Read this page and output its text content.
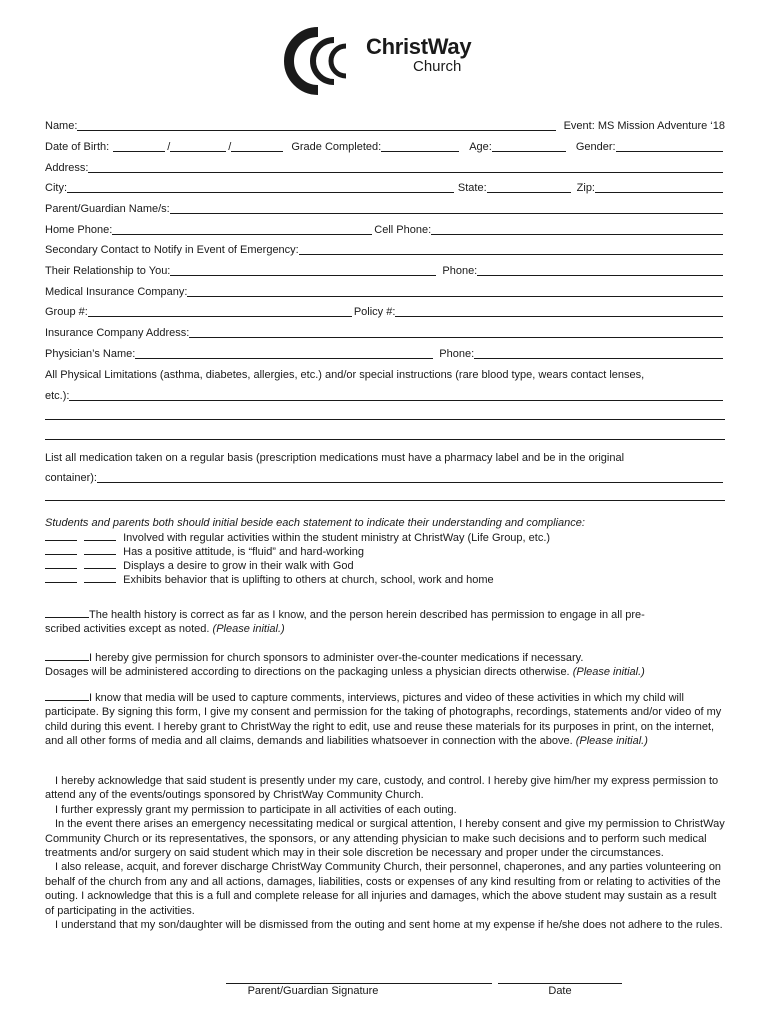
ChristWay
Church
Name:	Event: MS Mission Adventure ‘18
Date of Birth:	/	/	Grade Completed:	Age:	Gender:
Address:
City:	State:	Zip:
Parent/Guardian Name/s:
Home Phone:	Cell Phone:
Secondary Contact to Notify in Event of Emergency:
Their Relationship to You:	Phone:
Medical Insurance Company:
Group #:	Policy #:
Insurance Company Address:
Physician’s Name:	Phone:
All Physical Limitations (asthma, diabetes, allergies, etc.) and/or special instructions (rare blood type, wears contact lenses,
etc.):
List all medication taken on a regular basis (prescription medications must have a pharmacy label and be in the original
container):
Students and parents both should initial beside each statement to indicate their understanding and compliance:
Involved with regular activities within the student ministry at ChristWay (Life Group, etc.)
Has a positive attitude, is “fluid” and hard-working
Displays a desire to grow in their walk with God
Exhibits behavior that is uplifting to others at church, school, work and home
The health history is correct as far as I know, and the person herein described has permission to engage in all pre-
scribed activities except as noted. (Please initial.)
I hereby give permission for church sponsors to administer over-the-counter medications if necessary.
Dosages will be administered according to directions on the packaging unless a physician directs otherwise. (Please initial.)
I know that media will be used to capture comments, interviews, pictures and video of these activities in which my child will participate. By signing this form, I give my consent and permission for the taking of photographs, recordings, statements and/or video of my child during this event. I hereby grant to ChristWay the right to edit, use and reuse these materials for its purposes in print, on the internet, and all other forms of media and all claims, demands and liabilities whatsoever in connection with the above. (Please initial.)
I hereby acknowledge that said student is presently under my care, custody, and control. I hereby give him/her my express permission to attend any of the events/outings sponsored by ChristWay Community Church.
I further expressly grant my permission to participate in all activities of each outing.
In the event there arises an emergency necessitating medical or surgical attention, I hereby consent and give my permission to ChristWay Community Church or its representatives, the sponsors, or any attending physician to make such decisions and to perform such medical treatments and/or surgery on said student which may in their sole discretion be necessary and proper under the circumstances.
I also release, acquit, and forever discharge ChristWay Community Church, their personnel, chaperones, and any parties volunteering on behalf of the church from any and all actions, damages, liabilities, costs or expenses of any kind resulting from or relating to activities of the outing. I acknowledge that this is a full and complete release for all injuries and damages, which the above student may sustain as a result of participating in the activities.
I understand that my son/daughter will be dismissed from the outing and sent home at my expense if he/she does not adhere to the rules.
Parent/Guardian Signature	Date
